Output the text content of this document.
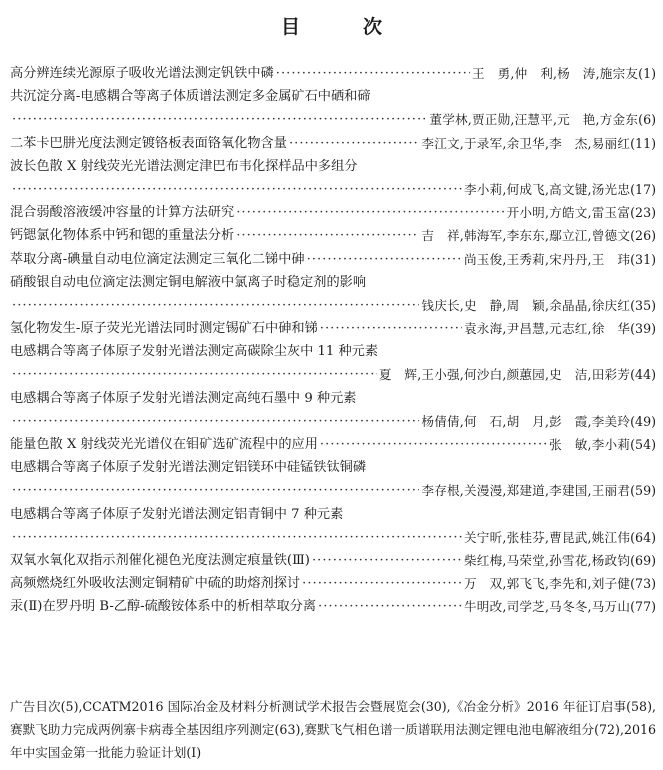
目　次
高分辨连续光源原子吸收光谱法测定钒铁中磷 ·····	王　勇,仲　利,杨　涛,施宗友 (1)
共沉淀分离-电感耦合等离子体质谱法测定多金属矿石中硒和碲
·····
董学林,贾正勋,汪慧平,元　艳,方金东 (6)
二苯卡巴肼光度法测定镀铬板表面铬氧化物含量 ·····	李江文,于录军,余卫华,李　杰,易丽红 (11)
波长色散 X 射线荧光光谱法测定津巴布韦化探样品中多组分
·····
李小莉,何成飞,高文键,汤光忠 (17)
混合弱酸溶液缓冲容量的计算方法研究 ·····	开小明,方皓文,雷玉富 (23)
钙锶氯化物体系中钙和锶的重量法分析 ·····	吉　祥,韩海军,李东东,鄢立江,曾德文 (26)
萃取分离-碘量自动电位滴定法测定三氧化二锑中砷 ·····	尚玉俊,王秀莉,宋丹丹,王　玮 (31)
硝酸银自动电位滴定法测定铜电解液中氯离子时稳定剂的影响
·····
钱庆长,史　静,周　颖,余晶晶,徐庆红 (35)
氢化物发生-原子荧光光谱法同时测定锡矿石中砷和锑 ·····	袁永海,尹昌慧,元志红,徐　华 (39)
电感耦合等离子体原子发射光谱法测定高碳除尘灰中 11 种元素
·····
夏　辉,王小强,何沙白,颜蕙园,史　洁,田彩芳 (44)
电感耦合等离子体原子发射光谱法测定高纯石墨中 9 种元素
·····
杨倩倩,何　石,胡　月,彭　霞,李美玲 (49)
能量色散 X 射线荧光光谱仪在钼矿选矿流程中的应用 ·····	张　敏,李小莉 (54)
电感耦合等离子体原子发射光谱法测定铝镁环中硅锰铁钛铜磷
·····
李存根,关漫漫,郑建道,李建国,王丽君 (59)
电感耦合等离子体原子发射光谱法测定铝青铜中 7 种元素
·····
关宁昕,张桂芬,曹昆武,姚江伟 (64)
双氧水氧化双指示剂催化褪色光度法测定痕量铁(Ⅲ) ·····	柴红梅,马荣堂,孙雪花,杨政钧 (69)
高频燃烧红外吸收法测定铜精矿中硫的助熔剂探讨 ·····	万　双,郭飞飞,李先和,刘子健 (73)
汞(Ⅱ)在罗丹明 B-乙醇-硫酸铵体系中的析相萃取分离 ·····	牛明改,司学芝,马冬冬,马万山 (77)
广告目次(5),CCATM2016 国际冶金及材料分析测试学术报告会暨展览会(30),《冶金分析》2016 年征订启事(58),赛默飞助力完成两例寨卡病毒全基因组序列测定(63),赛默飞气相色谱一质谱联用法测定锂电池电解液组分(72),2016 年中实国金第一批能力验证计划(Ⅰ)
